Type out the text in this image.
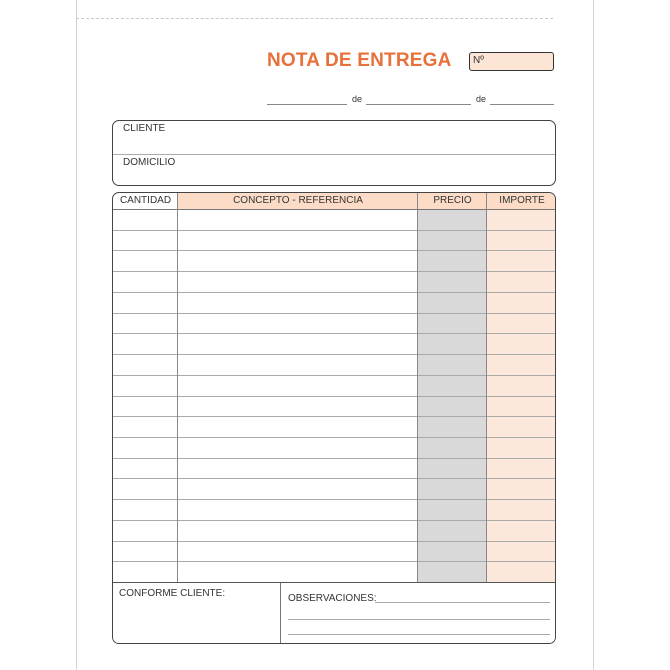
NOTA DE ENTREGA Nº
de	de
CLIENTE
DOMICILIO
CANTIDAD	CONCEPTO - REFERENCIA	PRECIO	IMPORTE
CONFORME CLIENTE:	OBSERVACIONES:
